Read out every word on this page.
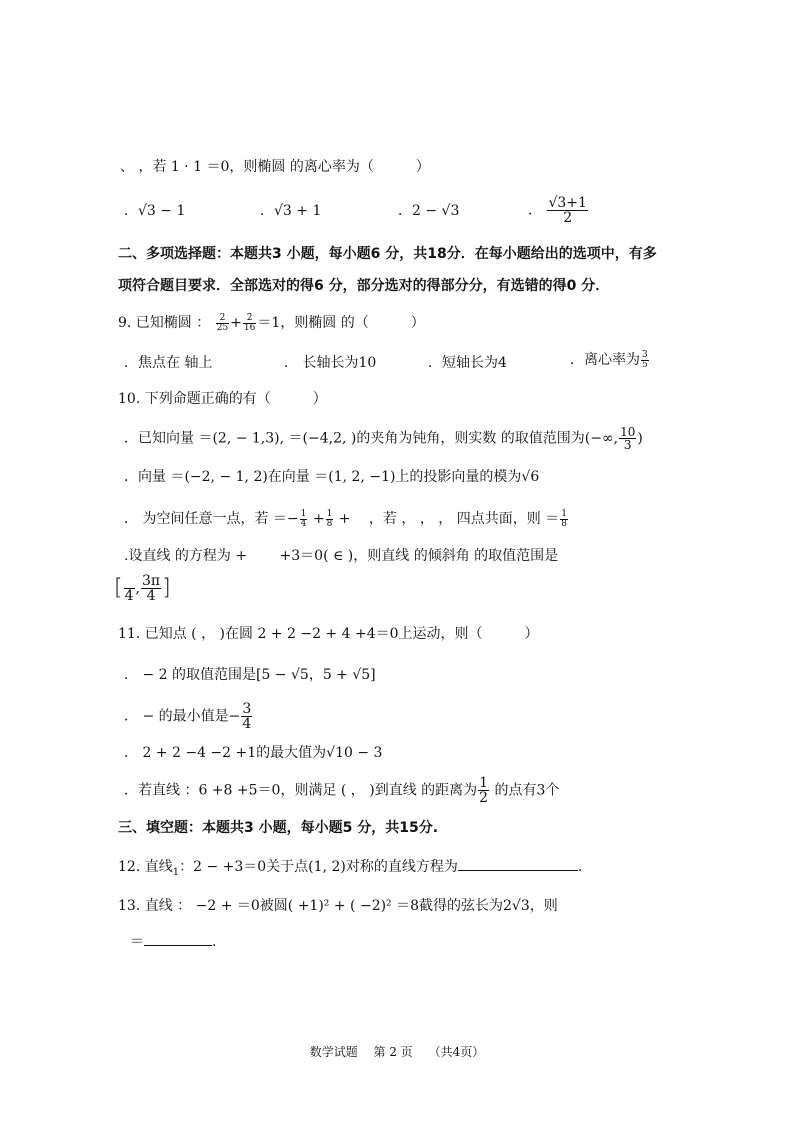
、 ，若 1 · 1 ＝0，则椭圆 的离心率为（　　　）
．√3 − 1	．√3 + 1	．2 − √3	． $\frac{√3+1}{2}$
二、多项选择题：本题共3 小题，每小题6 分，共18分．在每小题给出的选项中，有多
项符合题目要求．全部选对的得6 分，部分选对的得部分分，有选错的得0 分．
9. 已知椭圆 ： $\frac{2}{25} + \frac{2}{16} =1$，则椭圆 的（　　　）
．焦点在 轴上	． 长轴长为10	．短轴长为4	．离心率为 $\frac{3}{5}$
10. 下列命题正确的有（　　　）
．已知向量 ＝(2, − 1,3), ＝(−4,2, )的夹角为钝角，则实数 的取值范围为(−∞, $\frac{10}{3}$ )
．向量 ＝(−2, − 1, 2)在向量 ＝(1, 2, −1)上的投影向量的模为√6
． 为空间任意一点，若 ＝− $\frac{1}{4} + \frac{1}{8}$ + 　，若 ， ， ， 四点共面，则 ＝ $\frac{1}{8}$
.设直线 的方程为 + 　　+3＝0( ∈ )，则直线 的倾斜角 的取值范围是
[ 4 , $\frac{3\pi}{4}$ ]
11. 已知点 ( ， )在圆 2 + 2 −2 + 4 +4＝0上运动，则（　　　）
． − 2 的取值范围是[5 − √5，5 + √5]
． − 的最小值是− $\frac{3}{4}$
． 2 + 2 −4 −2 +1的最大值为√10 − 3
．若直线 ：6 +8 +5＝0，则满足 ( ， )到直线 的距离为 $\frac{1}{2}$ 的点有3个
三、填空题：本题共3 小题，每小题5 分，共15分.
12. 直线$_1$：2 − +3＝0关于点(1, 2)对称的直线方程为	.
13. 直线 ： −2 + ＝0被圆( +1)² + ( −2)² ＝8截得的弦长为2√3，则
＝	.
数学试题 第 2 页 （共4页）
